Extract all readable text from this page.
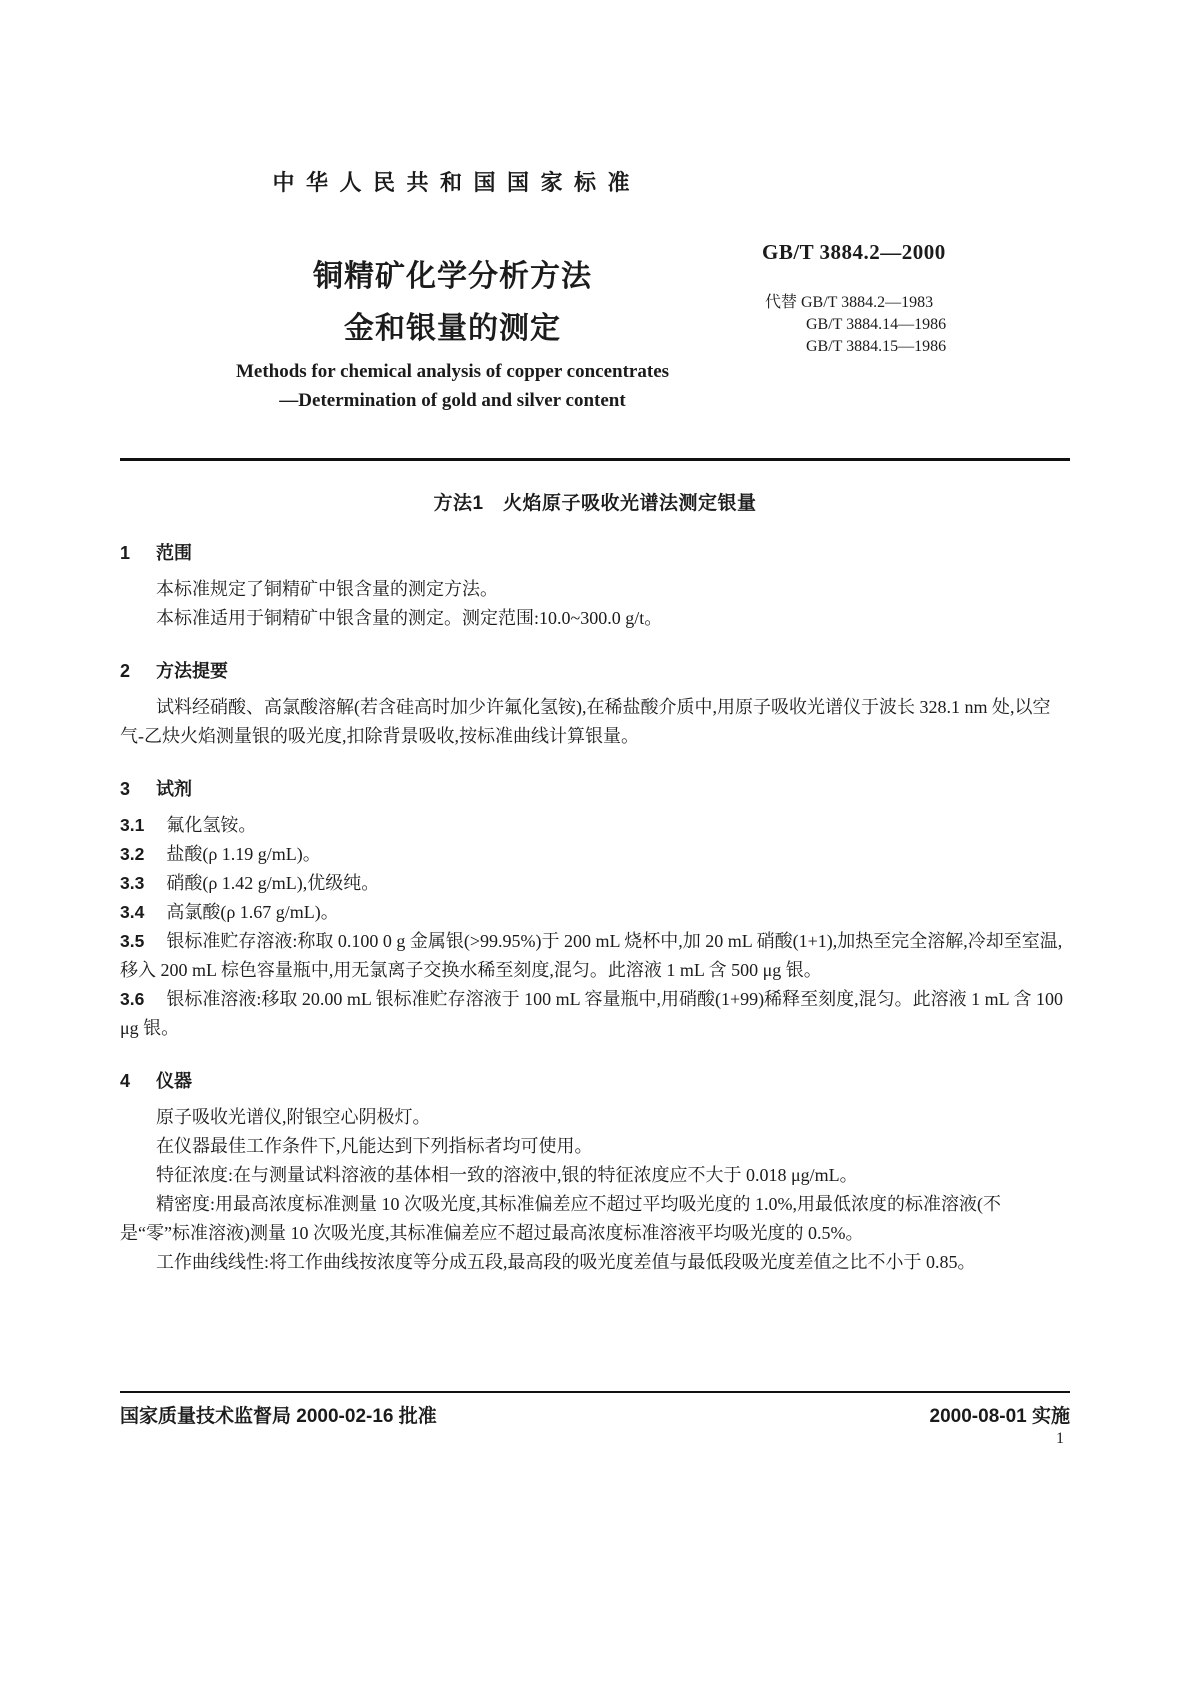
中 华 人 民 共 和 国 国 家 标 准
铜精矿化学分析方法
金和银量的测定
GB/T 3884.2—2000
代替 GB/T 3884.2—1983
GB/T 3884.14—1986
GB/T 3884.15—1986
Methods for chemical analysis of copper concentrates
—Determination of gold and silver content
方法1　火焰原子吸收光谱法测定银量
1 范围

本标准规定了铜精矿中银含量的测定方法。

本标准适用于铜精矿中银含量的测定。测定范围:10.0~300.0 g/t。

2 方法提要

试料经硝酸、高氯酸溶解(若含硅高时加少许氟化氢铵),在稀盐酸介质中,用原子吸收光谱仪于波长 328.1 nm 处,以空气-乙炔火焰测量银的吸光度,扣除背景吸收,按标准曲线计算银量。

3 试剂

3.1 氟化氢铵。

3.2 盐酸(ρ 1.19 g/mL)。

3.3 硝酸(ρ 1.42 g/mL),优级纯。

3.4 高氯酸(ρ 1.67 g/mL)。

3.5 银标准贮存溶液:称取 0.100 0 g 金属银(>99.95%)于 200 mL 烧杯中,加 20 mL 硝酸(1+1),加热至完全溶解,冷却至室温,移入 200 mL 棕色容量瓶中,用无氯离子交换水稀至刻度,混匀。此溶液 1 mL 含 500 μg 银。

3.6 银标准溶液:移取 20.00 mL 银标准贮存溶液于 100 mL 容量瓶中,用硝酸(1+99)稀释至刻度,混匀。此溶液 1 mL 含 100 μg 银。

4 仪器

原子吸收光谱仪,附银空心阴极灯。

在仪器最佳工作条件下,凡能达到下列指标者均可使用。

特征浓度:在与测量试料溶液的基体相一致的溶液中,银的特征浓度应不大于 0.018 μg/mL。

精密度:用最高浓度标准测量 10 次吸光度,其标准偏差应不超过平均吸光度的 1.0%,用最低浓度的标准溶液(不是“零”标准溶液)测量 10 次吸光度,其标准偏差应不超过最高浓度标准溶液平均吸光度的 0.5%。

工作曲线线性:将工作曲线按浓度等分成五段,最高段的吸光度差值与最低段吸光度差值之比不小于 0.85。

国家质量技术监督局 2000-02-16 批准	2000-08-01 实施
1
